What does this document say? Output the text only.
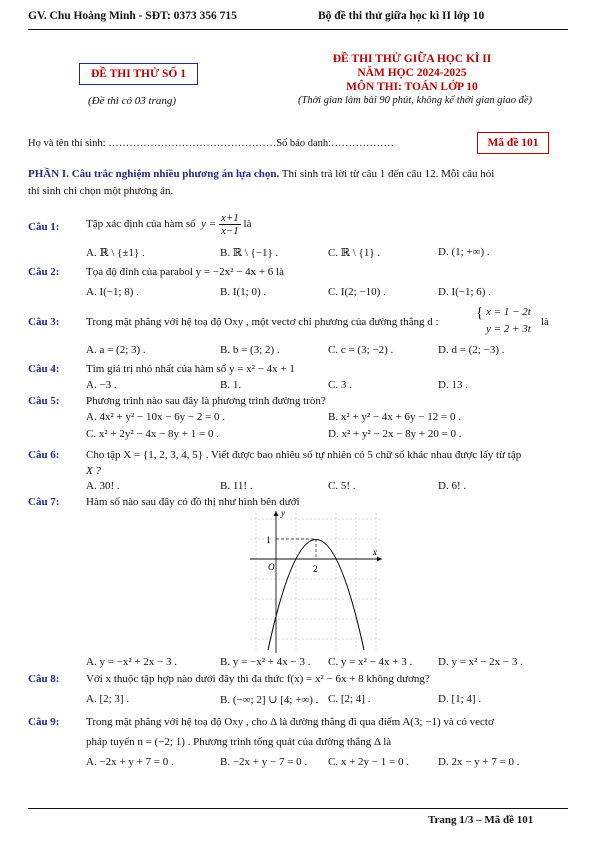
GV. Chu Hoàng Minh - SĐT: 0373 356 715	Bộ đề thi thử giữa học kì II lớp 10
ĐỀ THI THỬ SỐ 1
(Đề thi có 03 trang)
ĐỀ THI THỬ GIỮA HỌC KÌ II
NĂM HỌC 2024-2025
MÔN THI: TOÁN LỚP 10
(Thời gian làm bài 90 phút, không kể thời gian giao đề)
Họ và tên thí sinh: …………………………………………Số báo danh:………………	Mã đề 101
PHẦN I. Câu trắc nghiệm nhiều phương án lựa chọn. Thí sinh trả lời từ câu 1 đến câu 12. Mỗi câu hỏi
thí sinh chỉ chọn một phương án.
Câu 1: Tập xác định của hàm số $y = \frac{x+1}{x-1}$ là
A. ℝ \ {±1} .	B. ℝ \ {−1} .	C. ℝ \ {1} .	D. (1; +∞) .
Câu 2: Tọa độ đỉnh của parabol y = −2x² − 4x + 6 là
A. I(−1; 8) .	B. I(1; 0) .	C. I(2; −10) .	D. I(−1; 6) .
Câu 3: Trong mặt phẳng với hệ toạ độ Oxy , một vectơ chỉ phương của đường thẳng d :
{ x = 1 − 2t
y = 2 + 3t
là
A. a = (2; 3) .	B. b = (3; 2) .	C. c = (3; −2) .	D. d = (2; −3) .
Câu 4: Tìm giá trị nhỏ nhất của hàm số y = x² − 4x + 1
A. −3 .	B. 1.	C. 3 .	D. 13 .
Câu 5: Phương trình nào sau đây là phương trình đường tròn?
A. 4x² + y² − 10x − 6y − 2 = 0 .	B. x² + y² − 4x + 6y − 12 = 0 .
C. x² + 2y² − 4x − 8y + 1 = 0 .	D. x² + y² − 2x − 8y + 20 = 0 .
Câu 6: Cho tập X = {1, 2, 3, 4, 5} . Viết được bao nhiêu số tự nhiên có 5 chữ số khác nhau được lấy từ tập
X ?
A. 30! .	B. 11! .	C. 5! .	D. 6! .
Câu 7: Hàm số nào sau đây có đồ thị như hình bên dưới
y
x
O	2
1
A. y = −x² + 2x − 3 .	B. y = −x² + 4x − 3 . C. y = x² − 4x + 3 . D. y = x² − 2x − 3 .
Câu 8: Với x thuộc tập hợp nào dưới đây thì đa thức f(x) = x² − 6x + 8 không dương?
A. [2; 3] .	B. (−∞; 2] ∪ [4; +∞) . C. [2; 4] .	D. [1; 4] .
Câu 9: Trong mặt phẳng với hệ toạ độ Oxy , cho Δ là đường thẳng đi qua điểm A(3; −1) và có vectơ
pháp tuyến n = (−2; 1) . Phương trình tổng quát của đường thẳng Δ là
A. −2x + y + 7 = 0 .	B. −2x + y − 7 = 0 . C. x + 2y − 1 = 0 .	D. 2x − y + 7 = 0 .
Trang 1/3 – Mã đề 101
